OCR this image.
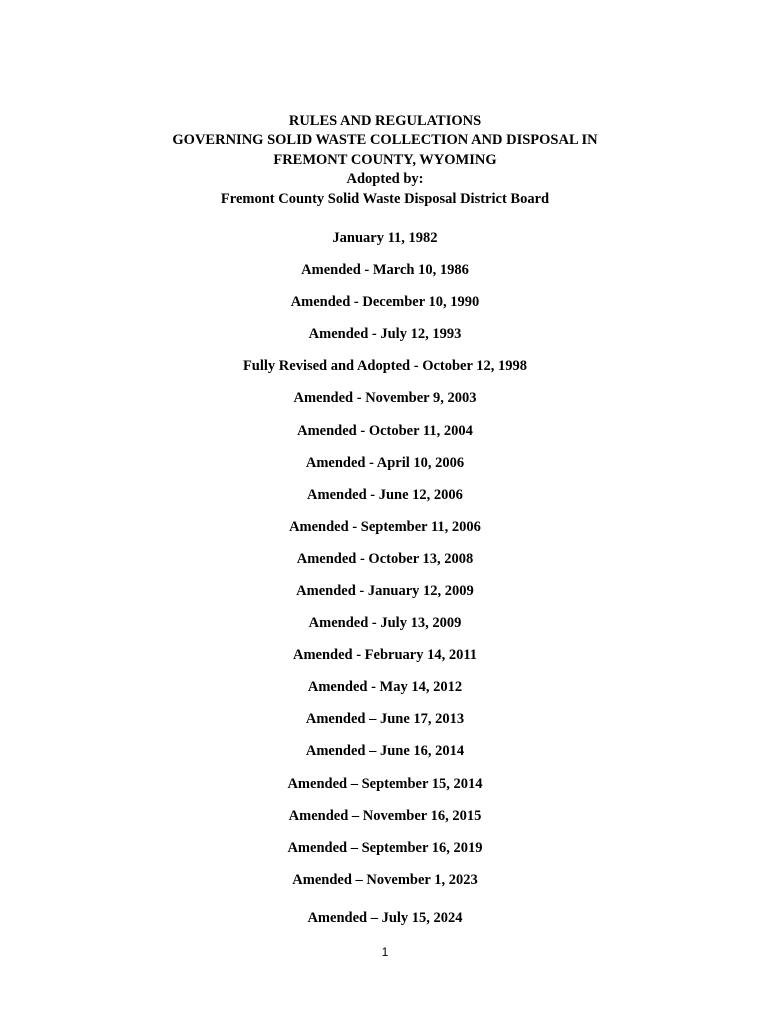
RULES AND REGULATIONS
GOVERNING SOLID WASTE COLLECTION AND DISPOSAL IN
FREMONT COUNTY, WYOMING
Adopted by:
Fremont County Solid Waste Disposal District Board
January 11, 1982
Amended - March 10, 1986
Amended - December 10, 1990
Amended - July 12, 1993
Fully Revised and Adopted - October 12, 1998
Amended - November 9, 2003
Amended - October 11, 2004
Amended - April 10, 2006
Amended - June 12, 2006
Amended - September 11, 2006
Amended - October 13, 2008
Amended - January 12, 2009
Amended - July 13, 2009
Amended - February 14, 2011
Amended - May 14, 2012
Amended – June 17, 2013
Amended – June 16, 2014
Amended – September 15, 2014
Amended – November 16, 2015
Amended – September 16, 2019
Amended – November 1, 2023
Amended – July 15, 2024
1
